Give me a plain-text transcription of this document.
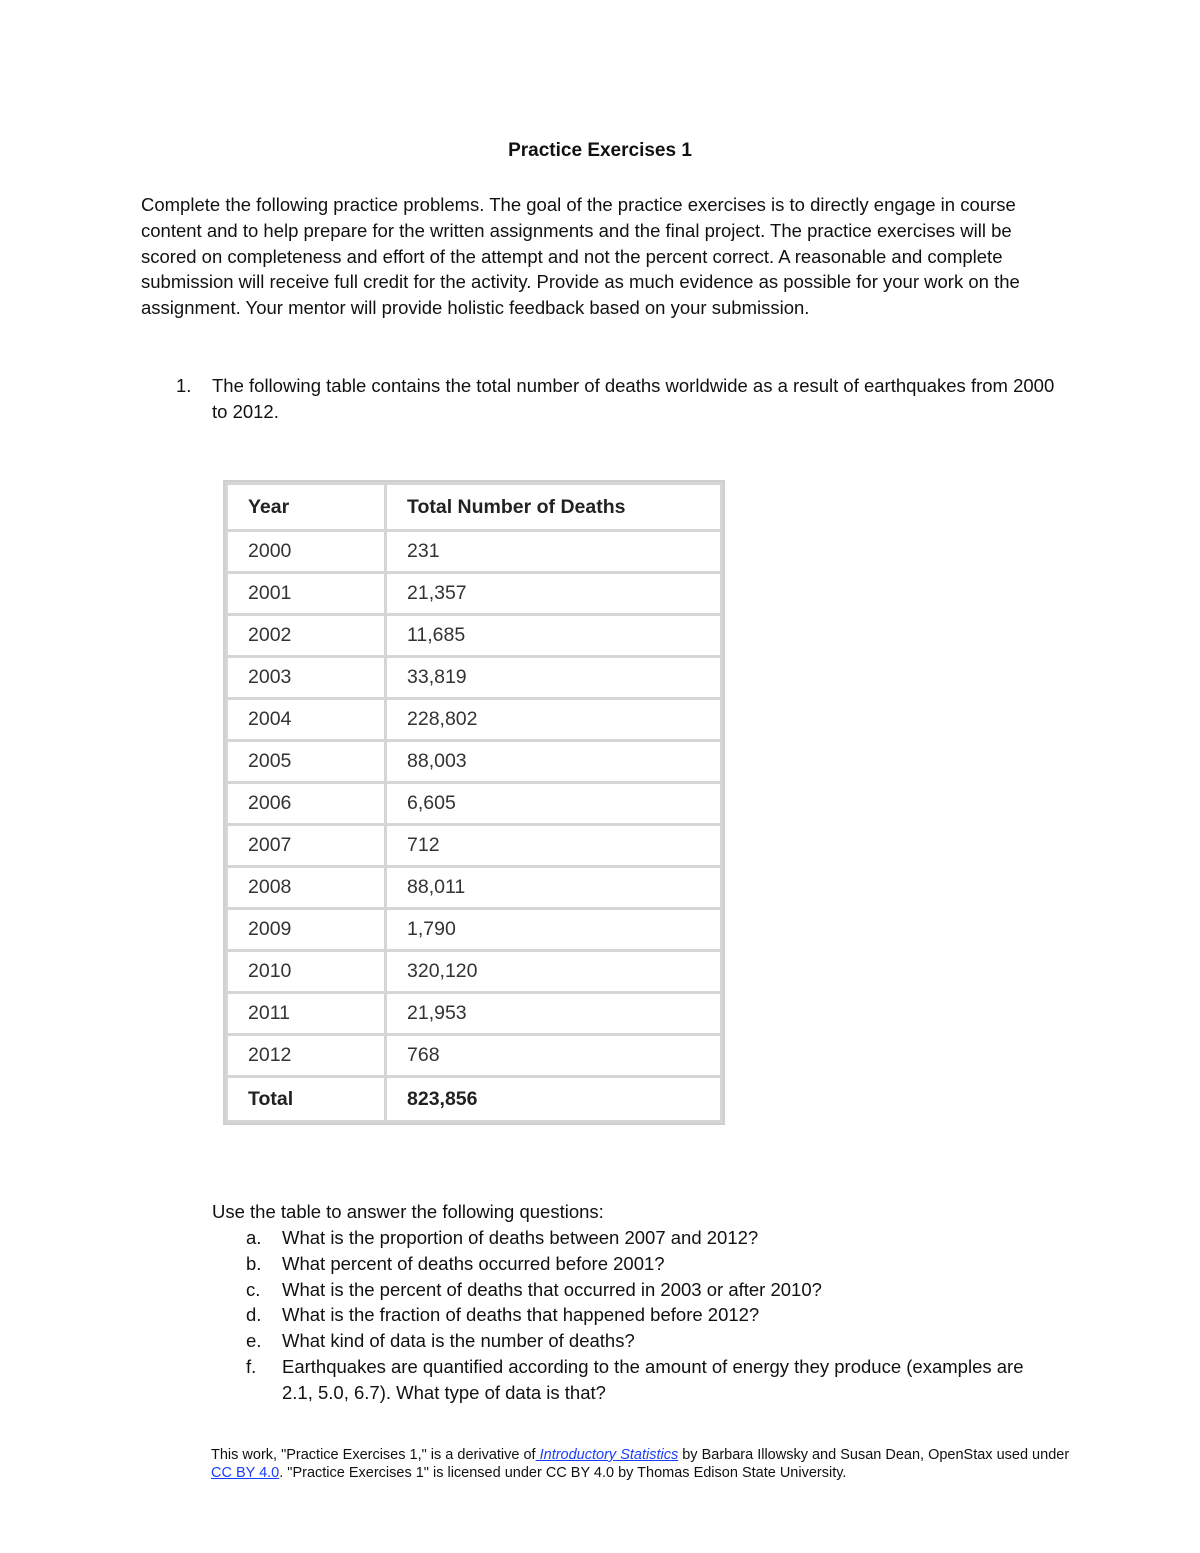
Practice Exercises 1

Complete the following practice problems. The goal of the practice exercises is to directly engage in course content and to help prepare for the written assignments and the final project. The practice exercises will be scored on completeness and effort of the attempt and not the percent correct. A reasonable and complete submission will receive full credit for the activity. Provide as much evidence as possible for your work on the assignment. Your mentor will provide holistic feedback based on your submission.

1. The following table contains the total number of deaths worldwide as a result of earthquakes from 2000 to 2012.
Year	Total Number of Deaths
2000	231
2001	21,357
2002	11,685
2003	33,819
2004	228,802
2005	88,003
2006	6,605
2007	712
2008	88,011
2009	1,790
2010	320,120
2011	21,953
2012	768
Total	823,856
Use the table to answer the following questions:
a. What is the proportion of deaths between 2007 and 2012?
b. What percent of deaths occurred before 2001?
c. What is the percent of deaths that occurred in 2003 or after 2010?
d. What is the fraction of deaths that happened before 2012?
e. What kind of data is the number of deaths?
f. Earthquakes are quantified according to the amount of energy they produce (examples are 2.1, 5.0, 6.7). What type of data is that?
This work, "Practice Exercises 1," is a derivative of Introductory Statistics by Barbara Illowsky and Susan Dean, OpenStax used under CC BY 4.0. "Practice Exercises 1" is licensed under CC BY 4.0 by Thomas Edison State University.
